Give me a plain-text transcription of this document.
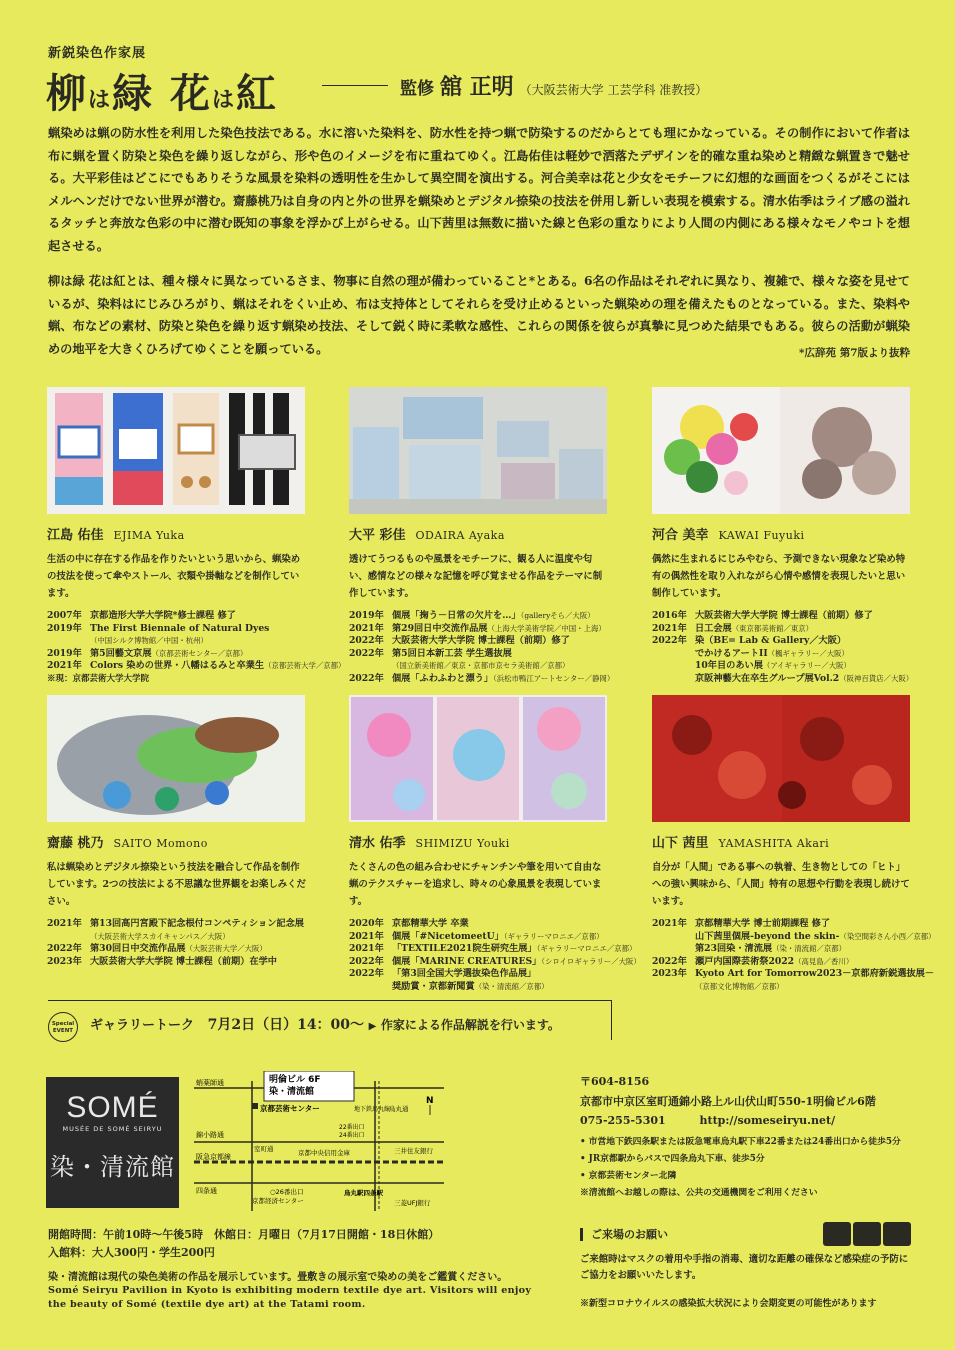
新鋭染色作家展
柳は緑 花は紅	監修 舘 正明 （大阪芸術大学 工芸学科 准教授）

蝋染めは蝋の防水性を利用した染色技法である。水に溶いた染料を、防水性を持つ蝋で防染するのだからとても理にかなっている。その制作において作者は布に蝋を置く防染と染色を繰り返しながら、形や色のイメージを布に重ねてゆく。江島佑佳は軽妙で洒落たデザインを的確な重ね染めと精緻な蝋置きで魅せる。大平彩佳はどこにでもありそうな風景を染料の透明性を生かして異空間を演出する。河合美幸は花と少女をモチーフに幻想的な画面をつくるがそこにはメルヘンだけでない世界が潜む。齋藤桃乃は自身の内と外の世界を蝋染めとデジタル捺染の技法を併用し新しい表現を模索する。清水佑季はライブ感の溢れるタッチと奔放な色彩の中に潜む既知の事象を浮かび上がらせる。山下茜里は無数に描いた線と色彩の重なりにより人間の内側にある様々なモノやコトを想起させる。

柳は緑 花は紅とは、種々様々に異なっているさま、物事に自然の理が備わっていること*とある。6名の作品はそれぞれに異なり、複雑で、様々な姿を見せているが、染料はにじみひろがり、蝋はそれをくい止め、布は支持体としてそれらを受け止めるといった蝋染めの理を備えたものとなっている。また、染料や蝋、布などの素材、防染と染色を繰り返す蝋染め技法、そして鋭く時に柔軟な感性、これらの関係を彼らが真摯に見つめた結果でもある。彼らの活動が蝋染めの地平を大きくひろげてゆくことを願っている。	*広辞苑 第7版より抜粋
江島 佑佳 EJIMA Yuka
生活の中に存在する作品を作りたいという思いから、蝋染めの技法を使って傘やストール、衣類や掛軸などを制作しています。
2007年 京都造形大学大学院*修士課程 修了
2019年 The First Biennale of Natural Dyes
（中国シルク博物館／中国・杭州）
2019年 第5回藝文京展（京都芸術センター／京都）
2021年 Colors 染めの世界・八幡はるみと卒業生（京都芸術大学／京都）
※現：京都芸術大学大学院
大平 彩佳 ODAIRA Ayaka
透けてうつるものや風景をモチーフに、観る人に温度や匂い、感情などの様々な記憶を呼び覚ませる作品をテーマに制作しています。
2019年 個展「掬う－日常の欠片を…」（galleryそら／大阪）
2021年 第29回日中交流作品展（上海大学美術学院／中国・上海）
2022年 大阪芸術大学大学院 博士課程（前期）修了
2022年 第5回日本新工芸 学生選抜展
（国立新美術館／東京・京都市京セラ美術館／京都）
2022年 個展「ふわふわと漂う」（浜松市鴨江アートセンター／静岡）
河合 美幸 KAWAI Fuyuki
偶然に生まれるにじみやむら、予測できない現象など染め特有の偶然性を取り入れながら心情や感情を表現したいと思い制作しています。
2016年 大阪芸術大学大学院 博士課程（前期）修了
2021年 日工会展（東京都美術館／東京）
2022年 染（BE= Lab & Gallery／大阪）
でかけるアートII（楓ギャラリー／大阪）
10年目のあい展（アイギャラリー／大阪）
京阪神藝大在卒生グループ展Vol.2（阪神百貨店／大阪）
齋藤 桃乃 SAITO Momono
私は蝋染めとデジタル捺染という技法を融合して作品を制作しています。2つの技法による不思議な世界観をお楽しみください。
2021年 第13回高円宮殿下記念根付コンペティション記念展
（大阪芸術大学スカイキャンパス／大阪）
2022年 第30回日中交流作品展（大阪芸術大学／大阪）
2023年 大阪芸術大学大学院 博士課程（前期）在学中
清水 佑季 SHIMIZU Youki
たくさんの色の組み合わせにチャンチンや筆を用いて自由な蝋のテクスチャーを追求し、時々の心象風景を表現しています。
2020年 京都精華大学 卒業
2021年 個展「#NicetomeetU」（ギャラリーマロニエ／京都）
2021年 「TEXTILE2021院生研究生展」（ギャラリーマロニエ／京都）
2022年 個展「MARINE CREATURES」（シロイロギャラリー／大阪）
2022年 「第3回全国大学選抜染色作品展」
奨励賞・京都新聞賞（染・清流館／京都）
山下 茜里 YAMASHITA Akari
自分が「人間」である事への執着、生き物としての「ヒト」への強い興味から、「人間」特有の思想や行動を表現し続けています。
2021年 京都精華大学 博士前期課程 修了
山下茜里個展-beyond the skin-（染空間彩さん小西／京都）
第23回染・清流展（染・清流館／京都）
2022年 瀬戸内国際芸術祭2022（高見島／香川）
2023年 Kyoto Art for Tomorrow2023－京都府新鋭選抜展－
（京都文化博物館／京都）
Special
EVENT	ギャラリートーク 7月2日（日）14：00〜 ▶ 作家による作品解説を行います。
SOMÉ
MUSÉE DE SOMÉ SEIRYU
染・清流館
明倫ビル 6F
染・清流館
京都芸術センター
蛸薬師通
錦小路通
阪急京都線
四条通
室町通
烏丸通
地下鉄烏丸線
24番出口
22番出口
三井住友銀行
京都中央信用金庫
三菱UFJ銀行
○26番出口
京都経済センター
烏丸駅四条駅
N
開館時間：午前10時〜午後5時　休館日：月曜日（7月17日開館・18日休館）
入館料：大人300円・学生200円
染・清流館は現代の染色美術の作品を展示しています。畳敷きの展示室で染めの美をご鑑賞ください。
Somé Seiryu Pavilion in Kyoto is exhibiting modern textile dye art. Visitors will enjoy the beauty of Somé (textile dye art) at the Tatami room.
〒604-8156
京都市中京区室町通錦小路上ル山伏山町550-1明倫ビル6階
075-255-5301	http://someseiryu.net/
• 市営地下鉄四条駅または阪急電車烏丸駅下車22番または24番出口から徒歩5分
• JR京都駅からバスで四条烏丸下車、徒歩5分
• 京都芸術センター北隣
※清流館へお越しの際は、公共の交通機関をご利用ください
ご来場のお願い
ご来館時はマスクの着用や手指の消毒、適切な距離の確保など感染症の予防にご協力をお願いいたします。
※新型コロナウイルスの感染拡大状況により会期変更の可能性があります
